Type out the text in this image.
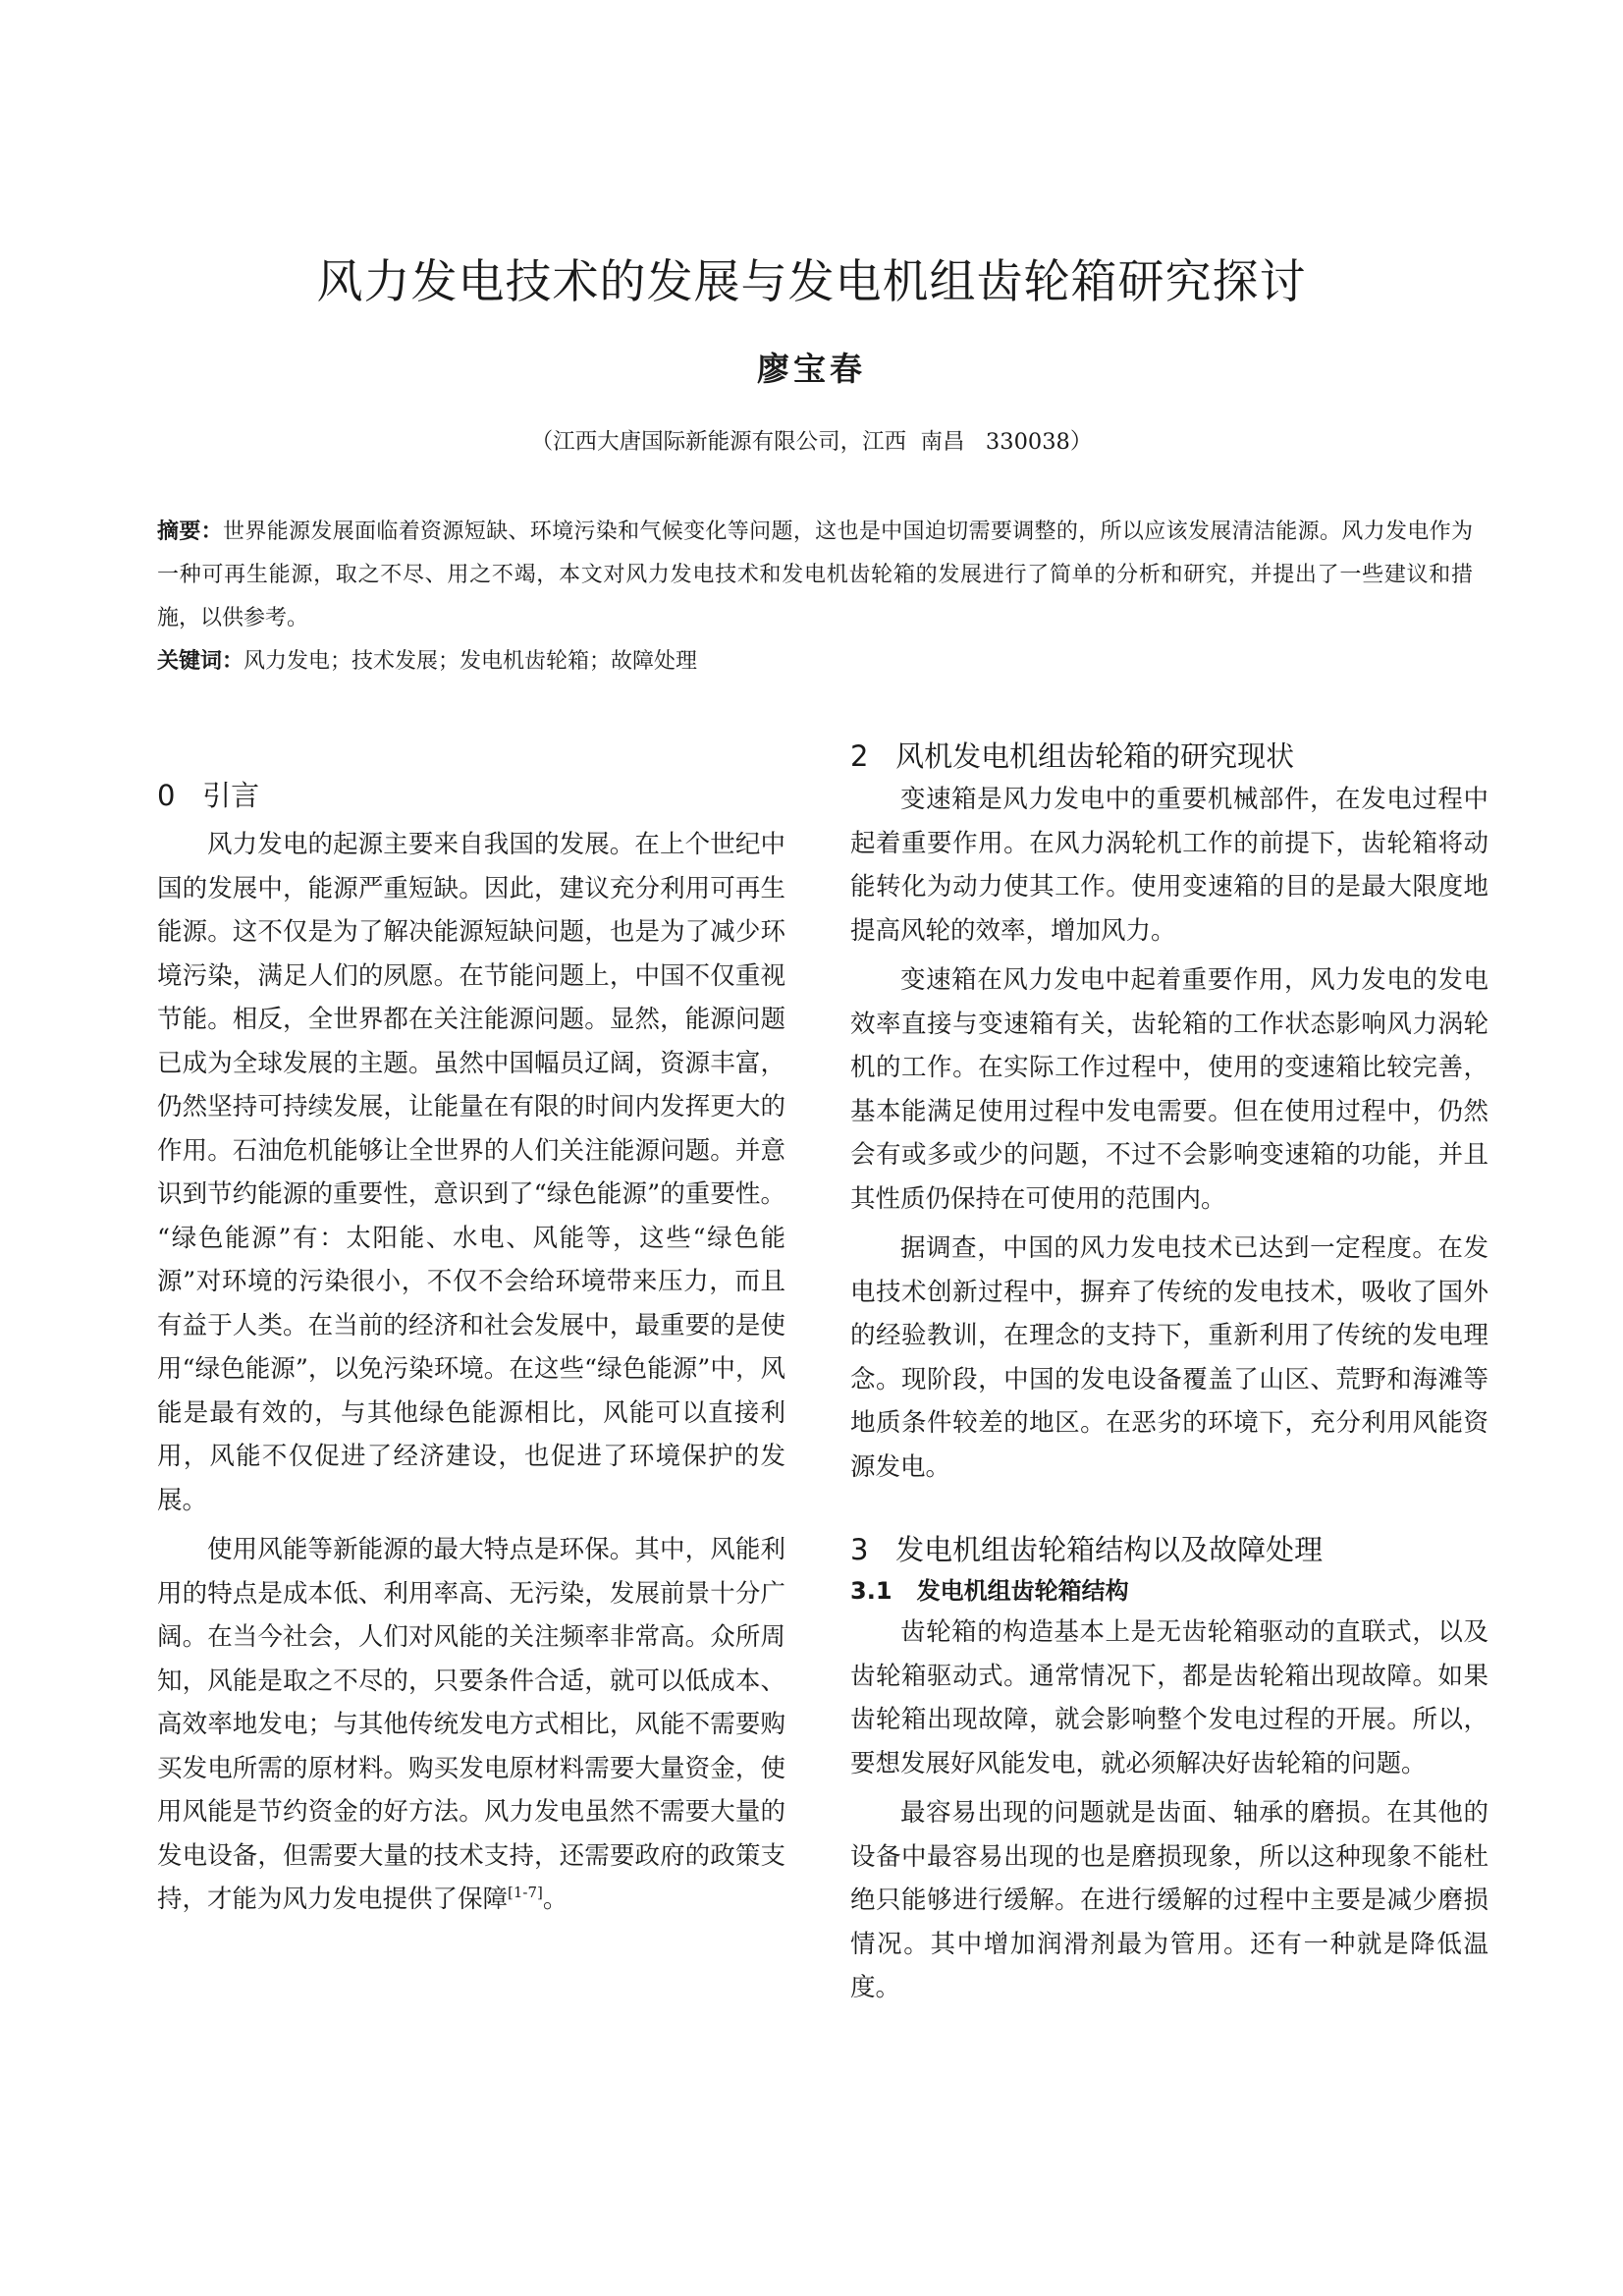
风力发电技术的发展与发电机组齿轮箱研究探讨
廖宝春
（江西大唐国际新能源有限公司，江西  南昌   330038）

摘要：世界能源发展面临着资源短缺、环境污染和气候变化等问题，这也是中国迫切需要调整的，所以应该发展清洁能源。风力发电作为一种可再生能源，取之不尽、用之不竭，本文对风力发电技术和发电机齿轮箱的发展进行了简单的分析和研究，并提出了一些建议和措施，以供参考。

关键词：风力发电；技术发展；发电机齿轮箱；故障处理
0   引言

风力发电的起源主要来自我国的发展。在上个世纪中国的发展中，能源严重短缺。因此，建议充分利用可再生能源。这不仅是为了解决能源短缺问题，也是为了减少环境污染，满足人们的夙愿。在节能问题上，中国不仅重视节能。相反，全世界都在关注能源问题。显然，能源问题已成为全球发展的主题。虽然中国幅员辽阔，资源丰富，仍然坚持可持续发展，让能量在有限的时间内发挥更大的作用。石油危机能够让全世界的人们关注能源问题。并意识到节约能源的重要性，意识到了“绿色能源”的重要性。 “绿色能源”有：太阳能、水电、风能等，这些“绿色能源”对环境的污染很小，不仅不会给环境带来压力，而且有益于人类。在当前的经济和社会发展中，最重要的是使用“绿色能源”，以免污染环境。在这些“绿色能源”中，风能是最有效的，与其他绿色能源相比，风能可以直接利用，风能不仅促进了经济建设，也促进了环境保护的发展。

使用风能等新能源的最大特点是环保。其中，风能利用的特点是成本低、利用率高、无污染，发展前景十分广阔。在当今社会，人们对风能的关注频率非常高。众所周知，风能是取之不尽的，只要条件合适，就可以低成本、高效率地发电；与其他传统发电方式相比，风能不需要购买发电所需的原材料。购买发电原材料需要大量资金，使用风能是节约资金的好方法。风力发电虽然不需要大量的发电设备，但需要大量的技术支持，还需要政府的政策支持，才能为风力发电提供了保障[1-7]。

2   风机发电机组齿轮箱的研究现状

变速箱是风力发电中的重要机械部件，在发电过程中起着重要作用。在风力涡轮机工作的前提下，齿轮箱将动能转化为动力使其工作。使用变速箱的目的是最大限度地提高风轮的效率，增加风力。

变速箱在风力发电中起着重要作用，风力发电的发电效率直接与变速箱有关，齿轮箱的工作状态影响风力涡轮机的工作。在实际工作过程中，使用的变速箱比较完善，基本能满足使用过程中发电需要。但在使用过程中，仍然会有或多或少的问题，不过不会影响变速箱的功能，并且其性质仍保持在可使用的范围内。

据调查，中国的风力发电技术已达到一定程度。在发电技术创新过程中，摒弃了传统的发电技术，吸收了国外的经验教训，在理念的支持下，重新利用了传统的发电理念。现阶段，中国的发电设备覆盖了山区、荒野和海滩等地质条件较差的地区。在恶劣的环境下，充分利用风能资源发电。

3   发电机组齿轮箱结构以及故障处理
3.1   发电机组齿轮箱结构

齿轮箱的构造基本上是无齿轮箱驱动的直联式，以及齿轮箱驱动式。通常情况下，都是齿轮箱出现故障。如果齿轮箱出现故障，就会影响整个发电过程的开展。所以，要想发展好风能发电，就必须解决好齿轮箱的问题。

最容易出现的问题就是齿面、轴承的磨损。在其他的设备中最容易出现的也是磨损现象，所以这种现象不能杜绝只能够进行缓解。在进行缓解的过程中主要是减少磨损情况。其中增加润滑剂最为管用。还有一种就是降低温度。
